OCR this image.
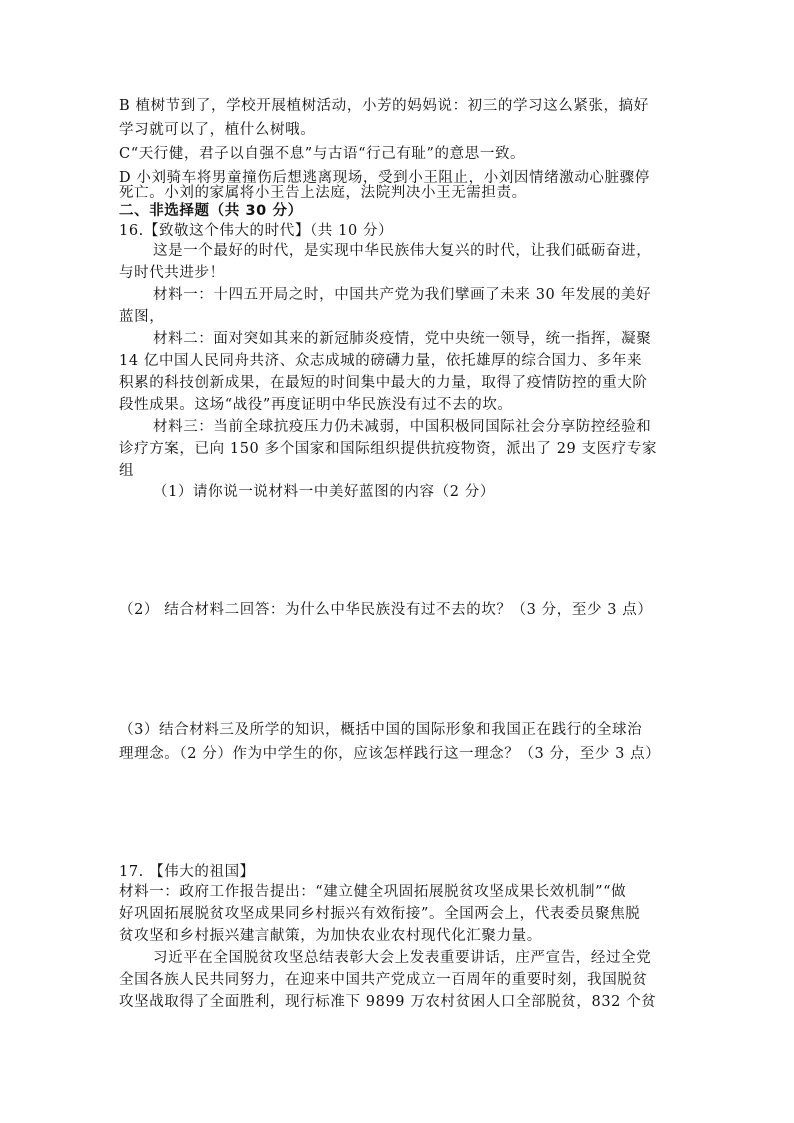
B 植树节到了，学校开展植树活动，小芳的妈妈说：初三的学习这么紧张，搞好
学习就可以了，植什么树哦。
C“天行健，君子以自强不息”与古语“行己有耻”的意思一致。
D 小刘骑车将男童撞伤后想逃离现场，受到小王阻止，小刘因情绪激动心脏骤停
死亡。小刘的家属将小王告上法庭，法院判决小王无需担责。
二、非选择题（共 30 分）
16.【致敬这个伟大的时代】（共 10 分）
这是一个最好的时代，是实现中华民族伟大复兴的时代，让我们砥砺奋进，
与时代共进步！
材料一：十四五开局之时，中国共产党为我们擘画了未来 30 年发展的美好
蓝图，
材料二：面对突如其来的新冠肺炎疫情，党中央统一领导，统一指挥，凝聚
14 亿中国人民同舟共济、众志成城的磅礴力量，依托雄厚的综合国力、多年来
积累的科技创新成果，在最短的时间集中最大的力量，取得了疫情防控的重大阶
段性成果。这场“战役”再度证明中华民族没有过不去的坎。
材料三：当前全球抗疫压力仍未减弱，中国积极同国际社会分享防控经验和
诊疗方案，已向 150 多个国家和国际组织提供抗疫物资，派出了 29 支医疗专家
组
（1）请你说一说材料一中美好蓝图的内容（2 分）
（2） 结合材料二回答：为什么中华民族没有过不去的坎？（3 分，至少 3 点）
（3）结合材料三及所学的知识，概括中国的国际形象和我国正在践行的全球治
理理念。（2 分）作为中学生的你，应该怎样践行这一理念？（3 分，至少 3 点）
17. 【伟大的祖国】
材料一：政府工作报告提出：“建立健全巩固拓展脱贫攻坚成果长效机制”“做
好巩固拓展脱贫攻坚成果同乡村振兴有效衔接”。全国两会上，代表委员聚焦脱
贫攻坚和乡村振兴建言献策，为加快农业农村现代化汇聚力量。
习近平在全国脱贫攻坚总结表彰大会上发表重要讲话，庄严宣告，经过全党
全国各族人民共同努力，在迎来中国共产党成立一百周年的重要时刻，我国脱贫
攻坚战取得了全面胜利，现行标准下 9899 万农村贫困人口全部脱贫，832 个贫
